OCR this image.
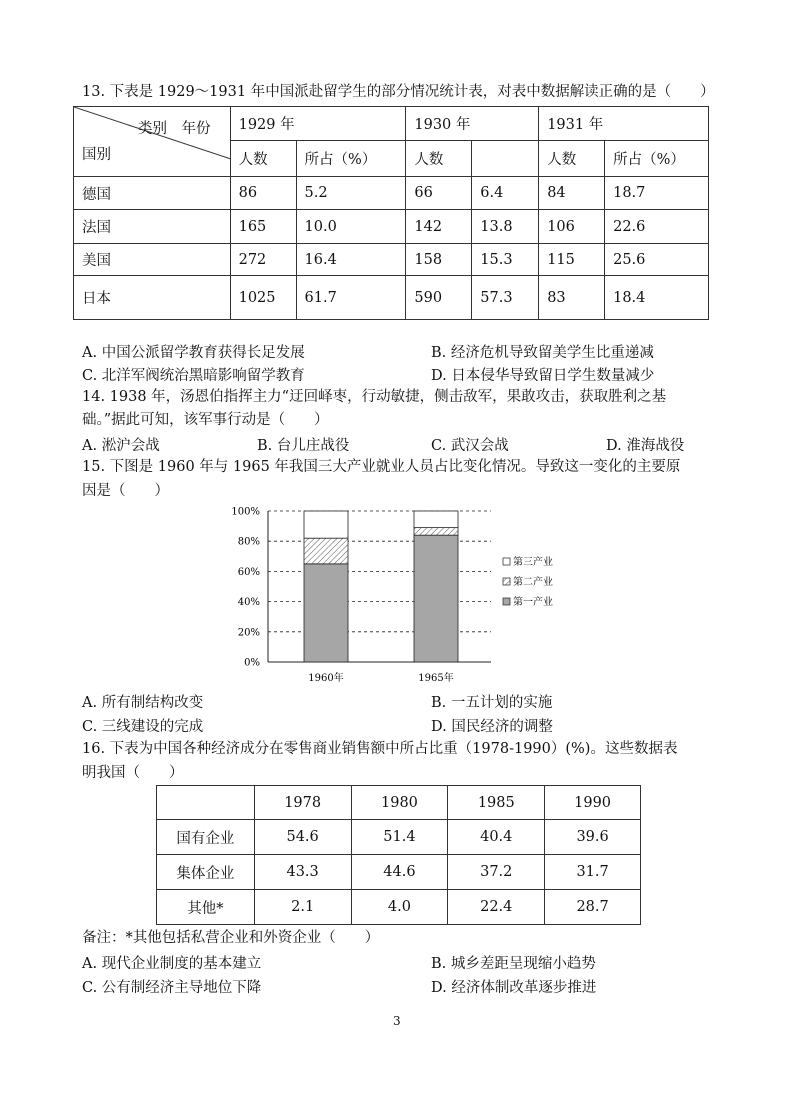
13. 下表是 1929～1931 年中国派赴留学生的部分情况统计表，对表中数据解读正确的是（　　）
类别　年份
国别	1929 年		1930 年		1931 年	
	人数	所占（%）	人数		人数	所占（%）
德国	86	5.2	66	6.4	84	18.7
法国	165	10.0	142	13.8	106	22.6
美国	272	16.4	158	15.3	115	25.6
日本	1025	61.7	590	57.3	83	18.4
A. 中国公派留学教育获得长足发展	B. 经济危机导致留美学生比重递减
C. 北洋军阀统治黑暗影响留学教育	D. 日本侵华导致留日学生数量减少
14. 1938 年，汤恩伯指挥主力“迂回峄枣，行动敏捷，侧击敌军，果敢攻击，获取胜利之基
础。”据此可知，该军事行动是（　　）
A. 淞沪会战	B. 台儿庄战役	C. 武汉会战	D. 淮海战役
15. 下图是 1960 年与 1965 年我国三大产业就业人员占比变化情况。导致这一变化的主要原
因是（　　）
0%
20%
40%
60%
80%
100%
1960年	1965年
第三产业
第二产业
第一产业
A. 所有制结构改变	B. 一五计划的实施
C. 三线建设的完成	D. 国民经济的调整
16. 下表为中国各种经济成分在零售商业销售额中所占比重（1978-1990）(%)。这些数据表
明我国（　　）
	1978	1980	1985	1990
国有企业	54.6	51.4	40.4	39.6
集体企业	43.3	44.6	37.2	31.7
其他*	2.1	4.0	22.4	28.7
备注：*其他包括私营企业和外资企业（　　）
A. 现代企业制度的基本建立	B. 城乡差距呈现缩小趋势
C. 公有制经济主导地位下降	D. 经济体制改革逐步推进
3
